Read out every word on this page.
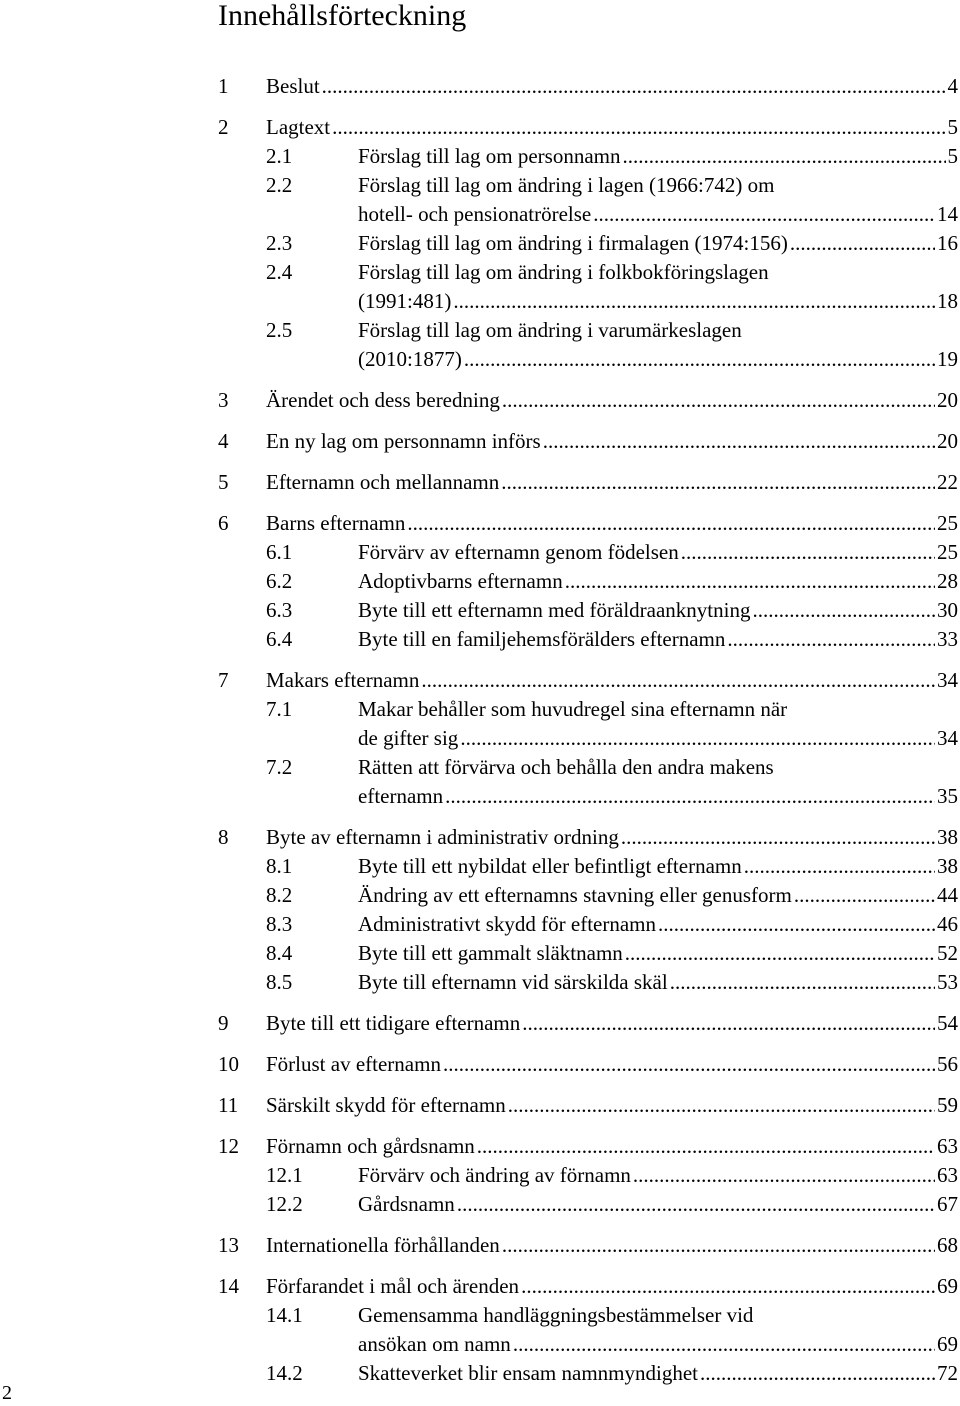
Innehållsförteckning
1	Beslut .....	4
2	Lagtext .....	5
2.1	Förslag till lag om personnamn .....	5
2.2	Förslag till lag om ändring i lagen (1966:742) om
hotell- och pensionatrörelse .....	14
2.3	Förslag till lag om ändring i firmalagen (1974:156) .....	16
2.4	Förslag till lag om ändring i folkbokföringslagen
(1991:481) .....	18
2.5	Förslag till lag om ändring i varumärkeslagen
(2010:1877) .....	19
3	Ärendet och dess beredning .....	20
4	En ny lag om personnamn införs .....	20
5	Efternamn och mellannamn .....	22
6	Barns efternamn .....	25
6.1	Förvärv av efternamn genom födelsen .....	25
6.2	Adoptivbarns efternamn .....	28
6.3	Byte till ett efternamn med föräldraanknytning .....	30
6.4	Byte till en familjehemsförälders efternamn .....	33
7	Makars efternamn .....	34
7.1	Makar behåller som huvudregel sina efternamn när
de gifter sig .....	34
7.2	Rätten att förvärva och behålla den andra makens
efternamn .....	35
8	Byte av efternamn i administrativ ordning .....	38
8.1	Byte till ett nybildat eller befintligt efternamn .....	38
8.2	Ändring av ett efternamns stavning eller genusform .....	44
8.3	Administrativt skydd för efternamn .....	46
8.4	Byte till ett gammalt släktnamn .....	52
8.5	Byte till efternamn vid särskilda skäl .....	53
9	Byte till ett tidigare efternamn .....	54
10	Förlust av efternamn .....	56
11	Särskilt skydd för efternamn .....	59
12	Förnamn och gårdsnamn .....	63
12.1	Förvärv och ändring av förnamn .....	63
12.2	Gårdsnamn .....	67
13	Internationella förhållanden .....	68
14	Förfarandet i mål och ärenden .....	69
14.1	Gemensamma handläggningsbestämmelser vid
ansökan om namn .....	69
14.2	Skatteverket blir ensam namnmyndighet .....	72
2
